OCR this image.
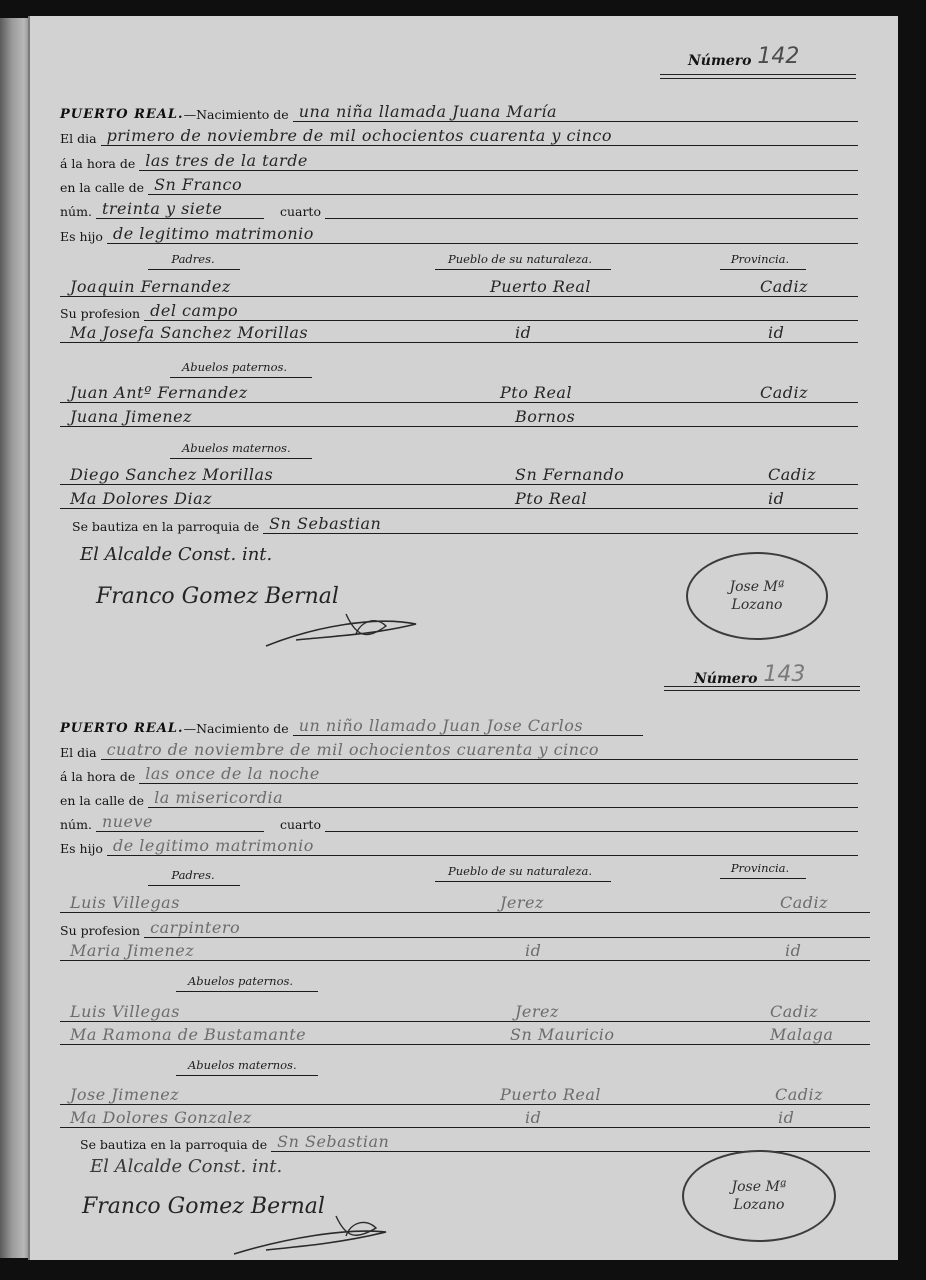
Número 142
PUERTO REAL. —Nacimiento de una niña llamada Juana María
El dia primero de noviembre de mil ochocientos cuarenta y cinco
á la hora de las tres de la tarde
en la calle de Sn Franco
núm. treinta y siete	cuarto
Es hijo de legitimo matrimonio
Padres.	Pueblo de su naturaleza.	Provincia.
Joaquin Fernandez	Puerto Real	Cadiz
Su profesion del campo
Ma Josefa Sanchez Morillas	id	id
Abuelos paternos.
Juan Antº Fernandez	Pto Real	Cadiz
Juana Jimenez	Bornos
Abuelos maternos.
Diego Sanchez Morillas	Sn Fernando	Cadiz
Ma Dolores Diaz	Pto Real	id
Se bautiza en la parroquia de Sn Sebastian
El Alcalde Const. int.
Franco Gomez Bernal	Jose Mª
Lozano
Número 143
PUERTO REAL. —Nacimiento de un niño llamado Juan Jose Carlos
El dia cuatro de noviembre de mil ochocientos cuarenta y cinco
á la hora de las once de la noche
en la calle de la misericordia
núm. nueve	cuarto
Es hijo de legitimo matrimonio
Padres.	Pueblo de su naturaleza.	Provincia.
Luis Villegas	Jerez	Cadiz
Su profesion carpintero
Maria Jimenez	id	id
Abuelos paternos.
Luis Villegas	Jerez	Cadiz
Ma Ramona de Bustamante	Sn Mauricio	Malaga
Abuelos maternos.
Jose Jimenez	Puerto Real	Cadiz
Ma Dolores Gonzalez	id	id
Se bautiza en la parroquia de Sn Sebastian
El Alcalde Const. int.
Franco Gomez Bernal
Jose Mª
Lozano
